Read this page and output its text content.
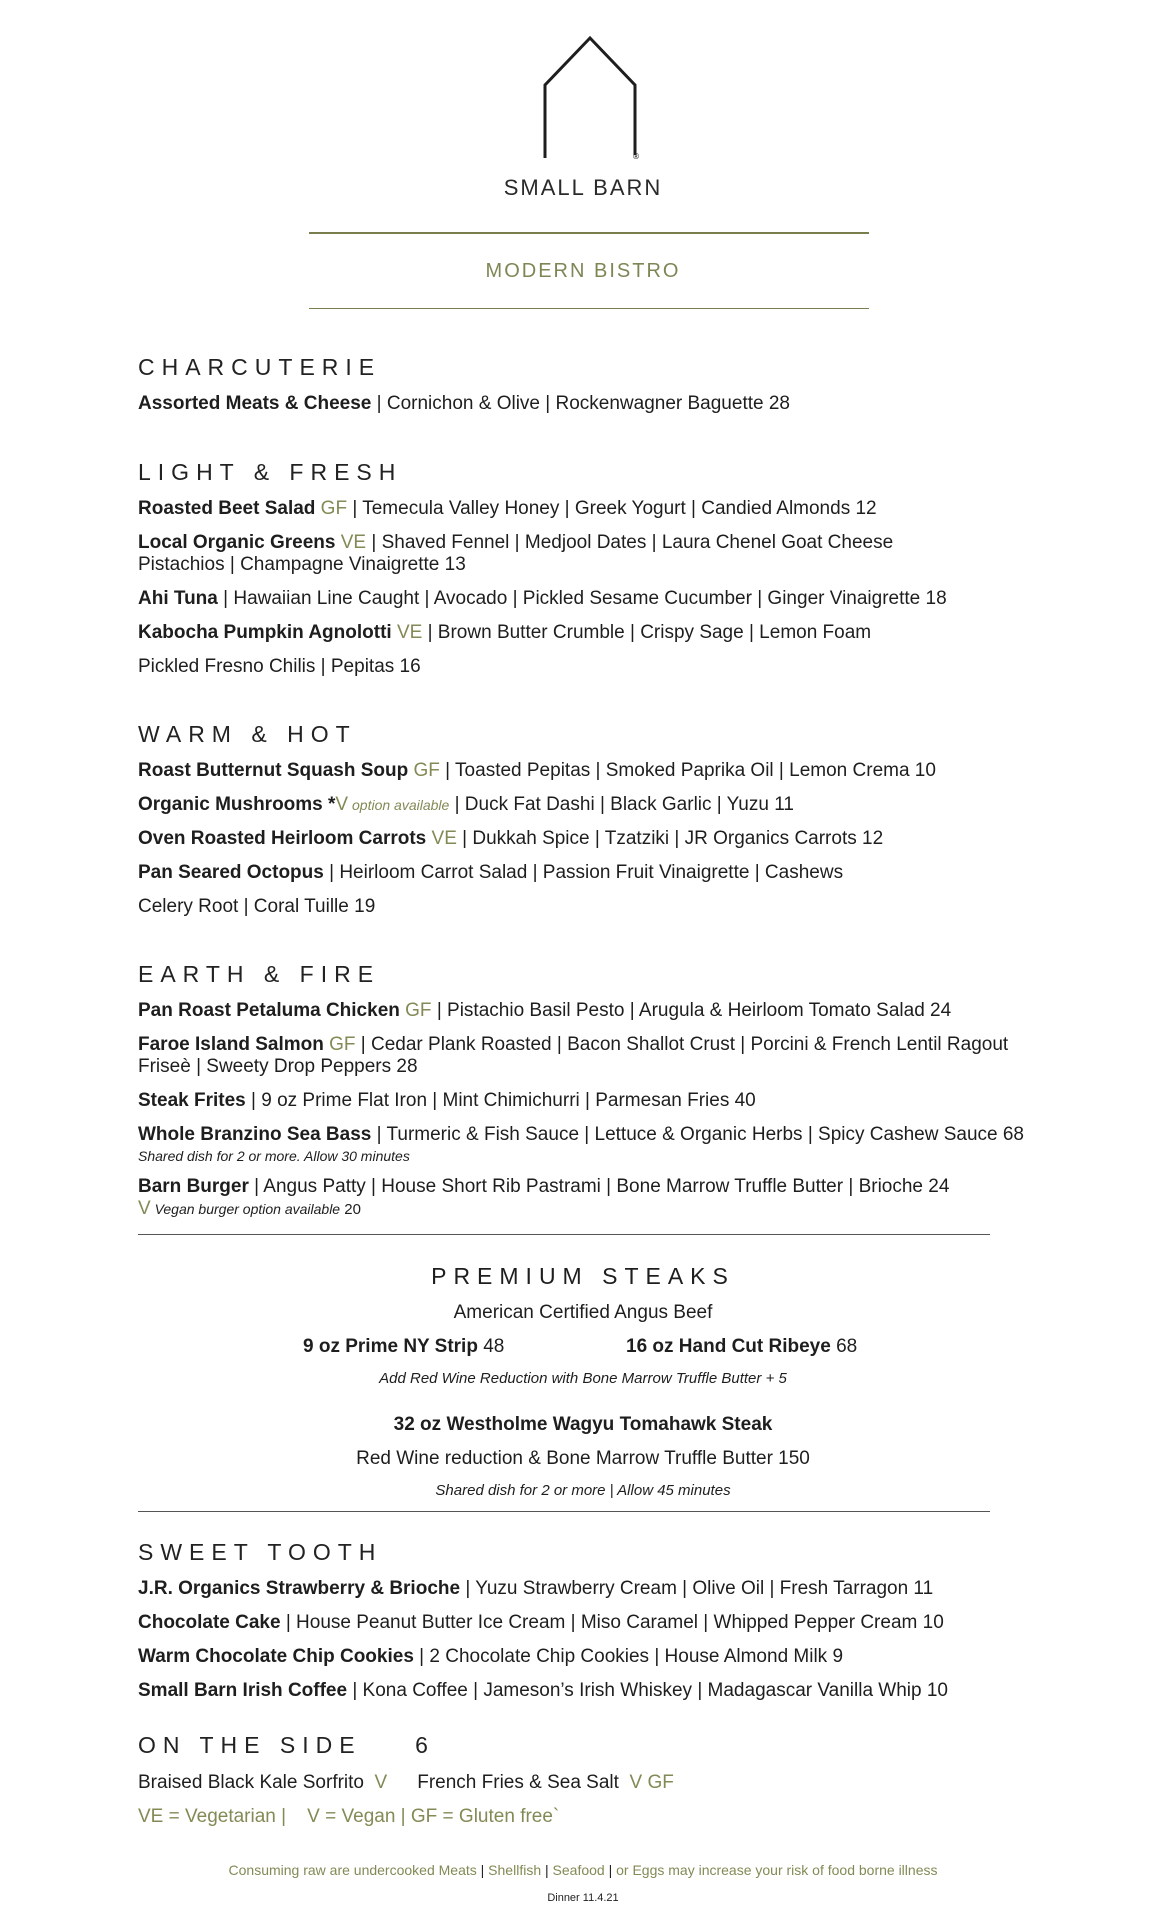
®
SMALL BARN
MODERN BISTRO
CHARCUTERIE
Assorted Meats & Cheese | Cornichon & Olive | Rockenwagner Baguette 28
LIGHT & FRESH
Roasted Beet Salad GF | Temecula Valley Honey | Greek Yogurt | Candied Almonds 12
Local Organic Greens VE | Shaved Fennel | Medjool Dates | Laura Chenel Goat Cheese
Pistachios | Champagne Vinaigrette 13
Ahi Tuna | Hawaiian Line Caught | Avocado | Pickled Sesame Cucumber | Ginger Vinaigrette 18
Kabocha Pumpkin Agnolotti VE | Brown Butter Crumble | Crispy Sage | Lemon Foam
Pickled Fresno Chilis | Pepitas 16
WARM & HOT
Roast Butternut Squash Soup GF | Toasted Pepitas | Smoked Paprika Oil | Lemon Crema 10
Organic Mushrooms *V option available | Duck Fat Dashi | Black Garlic | Yuzu 11
Oven Roasted Heirloom Carrots VE | Dukkah Spice | Tzatziki | JR Organics Carrots 12
Pan Seared Octopus | Heirloom Carrot Salad | Passion Fruit Vinaigrette | Cashews
Celery Root | Coral Tuille 19
EARTH & FIRE
Pan Roast Petaluma Chicken GF | Pistachio Basil Pesto | Arugula & Heirloom Tomato Salad 24
Faroe Island Salmon GF | Cedar Plank Roasted | Bacon Shallot Crust | Porcini & French Lentil Ragout
Friseè | Sweety Drop Peppers 28
Steak Frites | 9 oz Prime Flat Iron | Mint Chimichurri | Parmesan Fries 40
Whole Branzino Sea Bass | Turmeric & Fish Sauce | Lettuce & Organic Herbs | Spicy Cashew Sauce 68
Shared dish for 2 or more. Allow 30 minutes
Barn Burger | Angus Patty | House Short Rib Pastrami | Bone Marrow Truffle Butter | Brioche 24
V Vegan burger option available 20
PREMIUM STEAKS
American Certified Angus Beef
9 oz Prime NY Strip 48	16 oz Hand Cut Ribeye 68
Add Red Wine Reduction with Bone Marrow Truffle Butter + 5
32 oz Westholme Wagyu Tomahawk Steak
Red Wine reduction & Bone Marrow Truffle Butter 150
Shared dish for 2 or more | Allow 45 minutes
SWEET TOOTH
J.R. Organics Strawberry & Brioche | Yuzu Strawberry Cream | Olive Oil | Fresh Tarragon 11
Chocolate Cake | House Peanut Butter Ice Cream | Miso Caramel | Whipped Pepper Cream 10
Warm Chocolate Chip Cookies | 2 Chocolate Chip Cookies | House Almond Milk 9
Small Barn Irish Coffee | Kona Coffee | Jameson’s Irish Whiskey | Madagascar Vanilla Whip 10
ON THE SIDE    6
Braised Black Kale Sorfrito  V French Fries & Sea Salt  V GF
VE = Vegetarian |    V = Vegan | GF = Gluten free`
Consuming raw are undercooked Meats | Shellfish | Seafood | or Eggs may increase your risk of food borne illness
Dinner 11.4.21
